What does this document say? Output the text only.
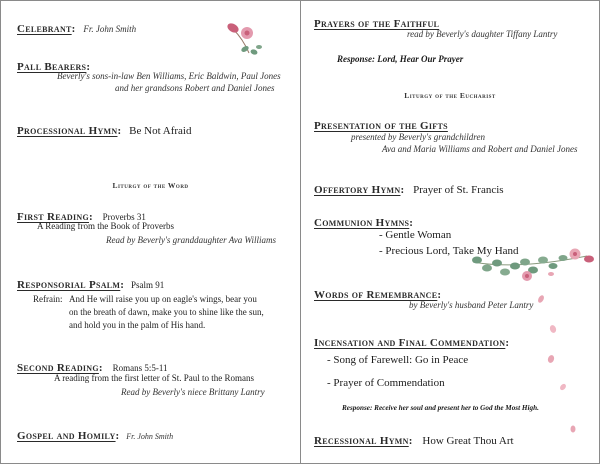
Celebrant: Fr. John Smith
Pall Bearers:
Beverly's sons-in-law Ben Williams, Eric Baldwin, Paul Jones
and her grandsons Robert and Daniel Jones
Processional Hymn: Be Not Afraid
Liturgy of the Word
First Reading: Proverbs 31
A Reading from the Book of Proverbs
Read by Beverly's granddaughter Ava Williams
Responsorial Psalm: Psalm 91
Refrain: And He will raise you up on eagle's wings, bear you
on the breath of dawn, make you to shine like the sun,
and hold you in the palm of His hand.
Second Reading: Romans 5:5-11
A reading from the first letter of St. Paul to the Romans
Read by Beverly's niece Brittany Lantry
Gospel and Homily: Fr. John Smith
Prayers of the Faithful
read by Beverly's daughter Tiffany Lantry
Response: Lord, Hear Our Prayer
Liturgy of the Eucharist
Presentation of the Gifts
presented by Beverly's grandchildren
Ava and Maria Williams and Robert and Daniel Jones
Offertory Hymn: Prayer of St. Francis
Communion Hymns:
- Gentle Woman
- Precious Lord, Take My Hand
Words of Remembrance:
by Beverly's husband Peter Lantry
Incensation and Final Commendation:
- Song of Farewell: Go in Peace
- Prayer of Commendation
Response: Receive her soul and present her to God the Most High.
Recessional Hymn: How Great Thou Art
